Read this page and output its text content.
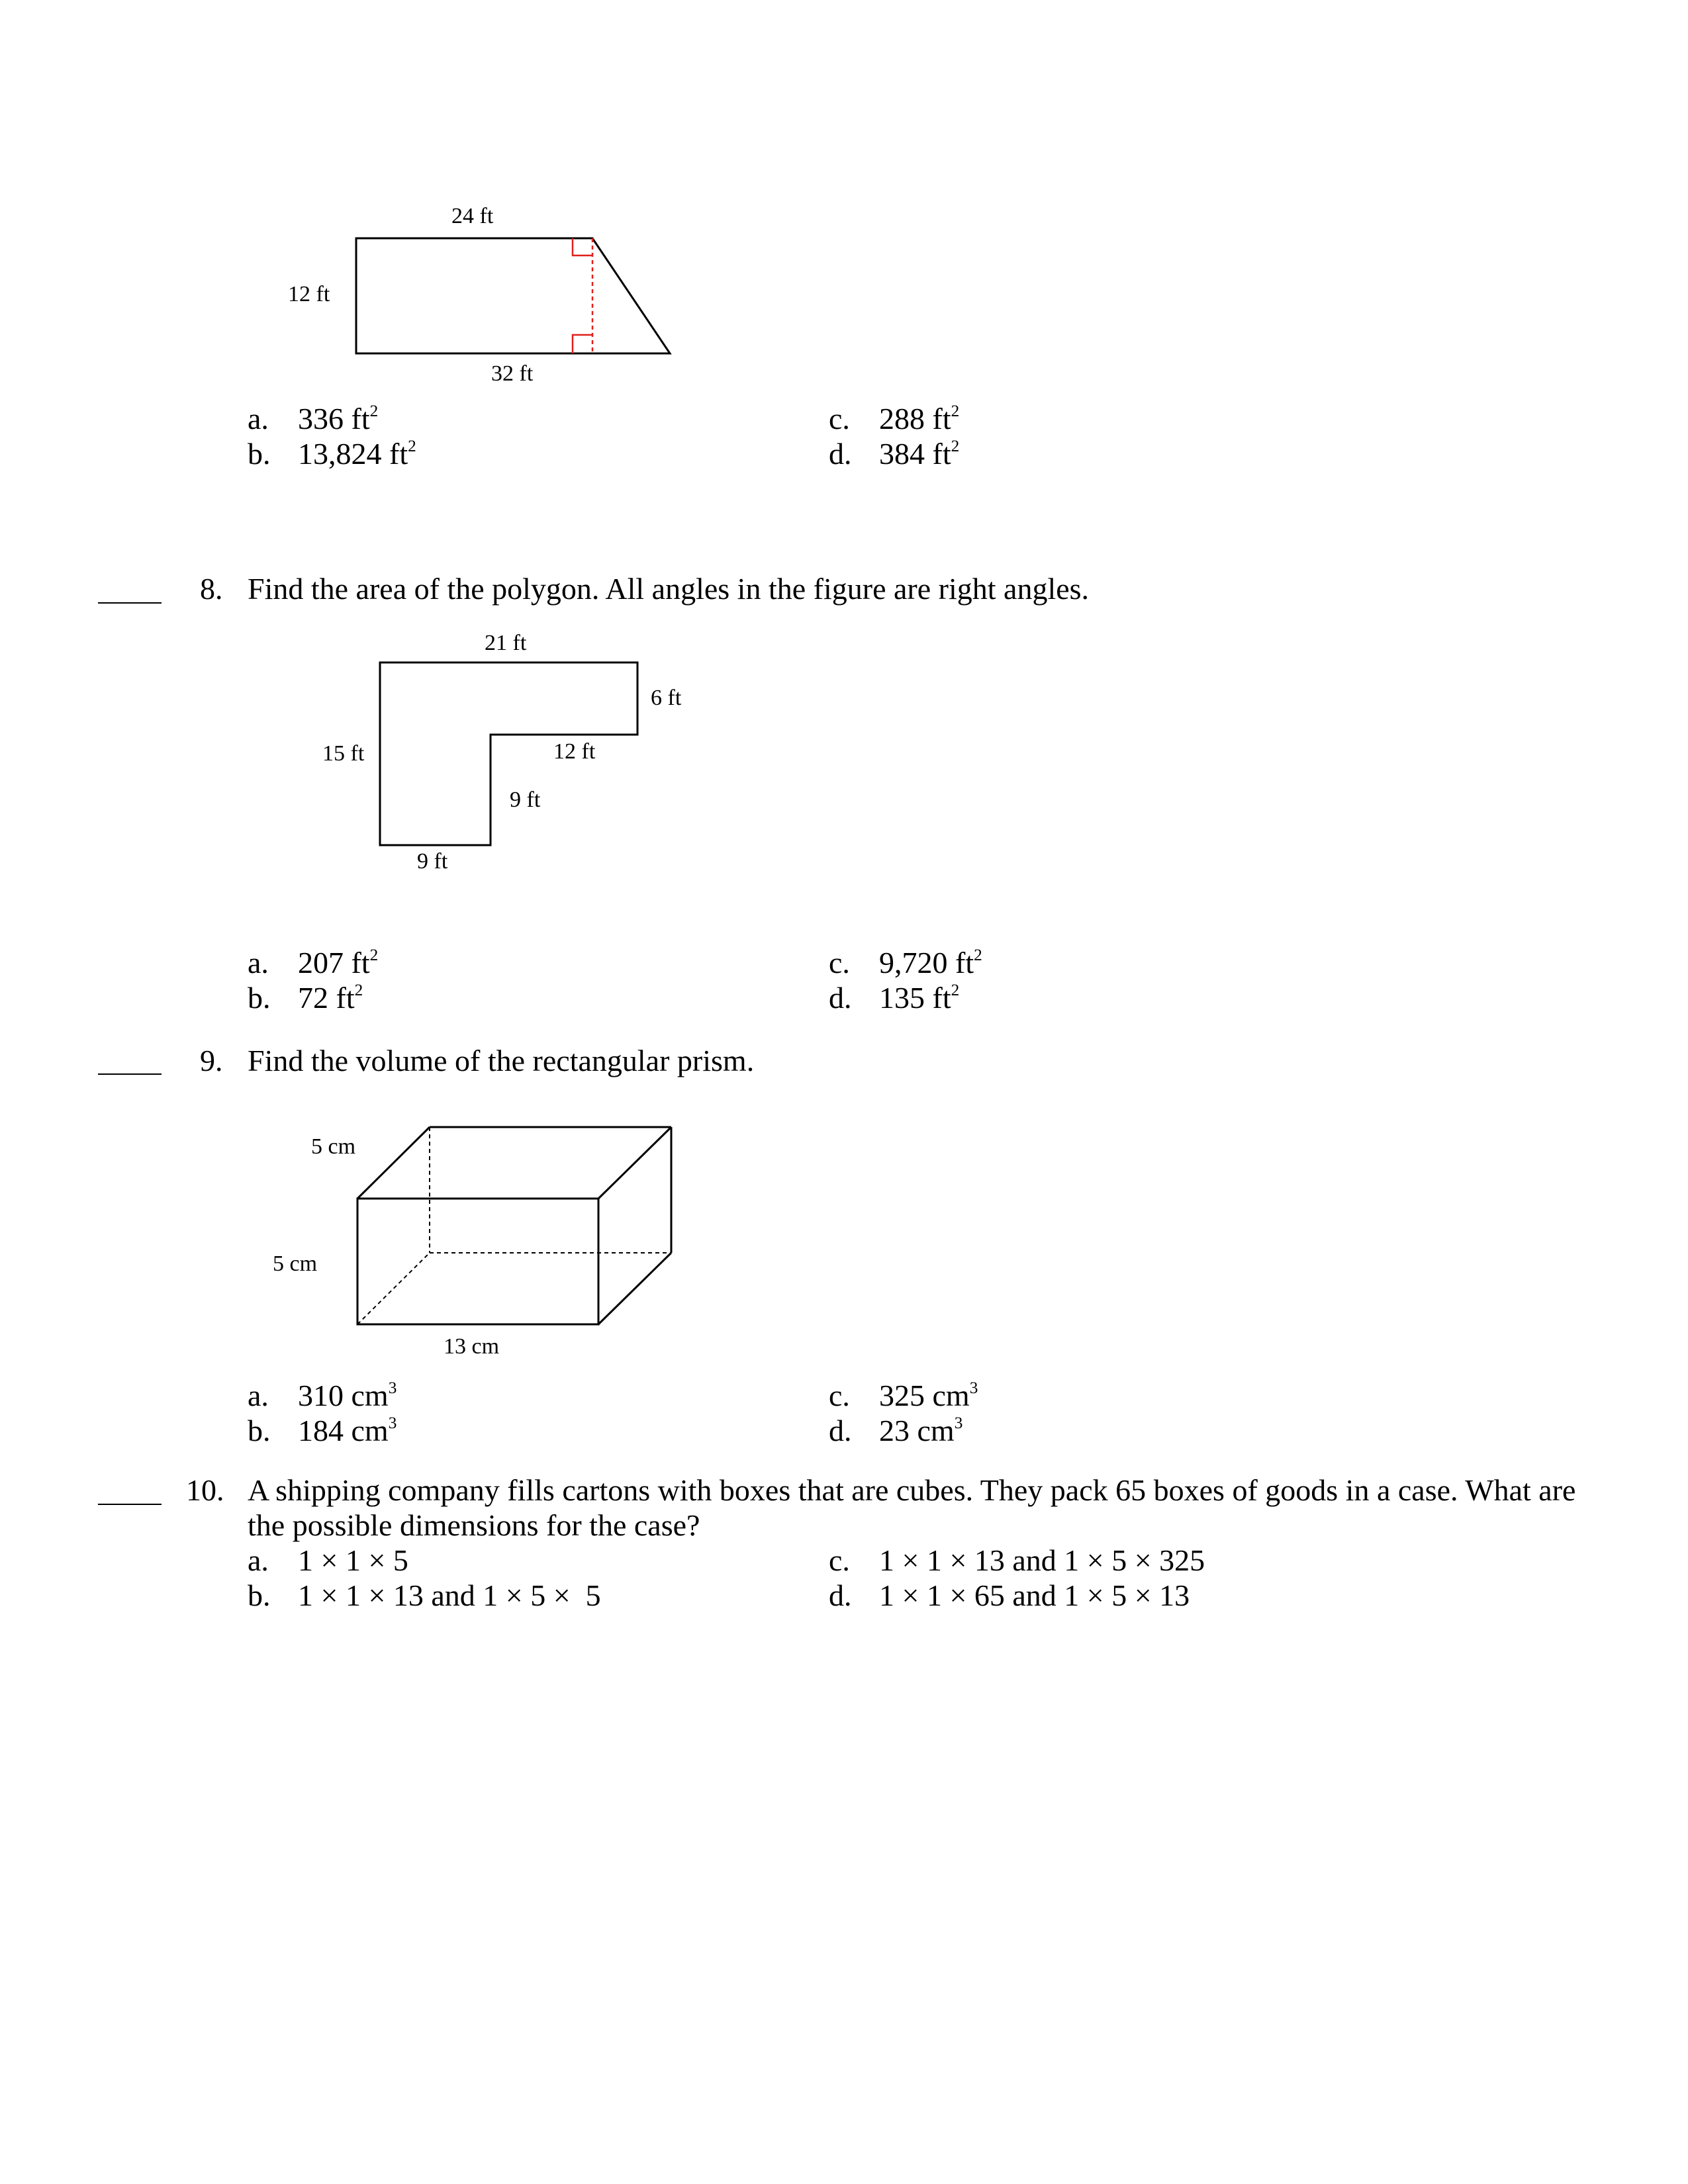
24 ft
12 ft
32 ft
a. 336 $ft^2$
b. 13,824 $ft^2$
c. 288 $ft^2$
d. 384 $ft^2$
8. Find the area of the polygon. All angles in the figure are right angles.
21 ft
6 ft
15 ft	12 ft
9 ft
9 ft
a. 207 $ft^2$
b. 72 $ft^2$
c. 9,720 $ft^2$
d. 135 $ft^2$
9. Find the volume of the rectangular prism.
5 cm
5 cm
13 cm
a. 310 $cm^3$
b. 184 $cm^3$
c. 325 $cm^3$
d. 23 $cm^3$
10. A shipping company fills cartons with boxes that are cubes. They pack 65 boxes of goods in a case. What are
the possible dimensions for the case?
a. 1 × 1 × 5
b. 1 × 1 × 13 and 1 × 5 ×  5
c. 1 × 1 × 13 and 1 × 5 × 325
d. 1 × 1 × 65 and 1 × 5 × 13
